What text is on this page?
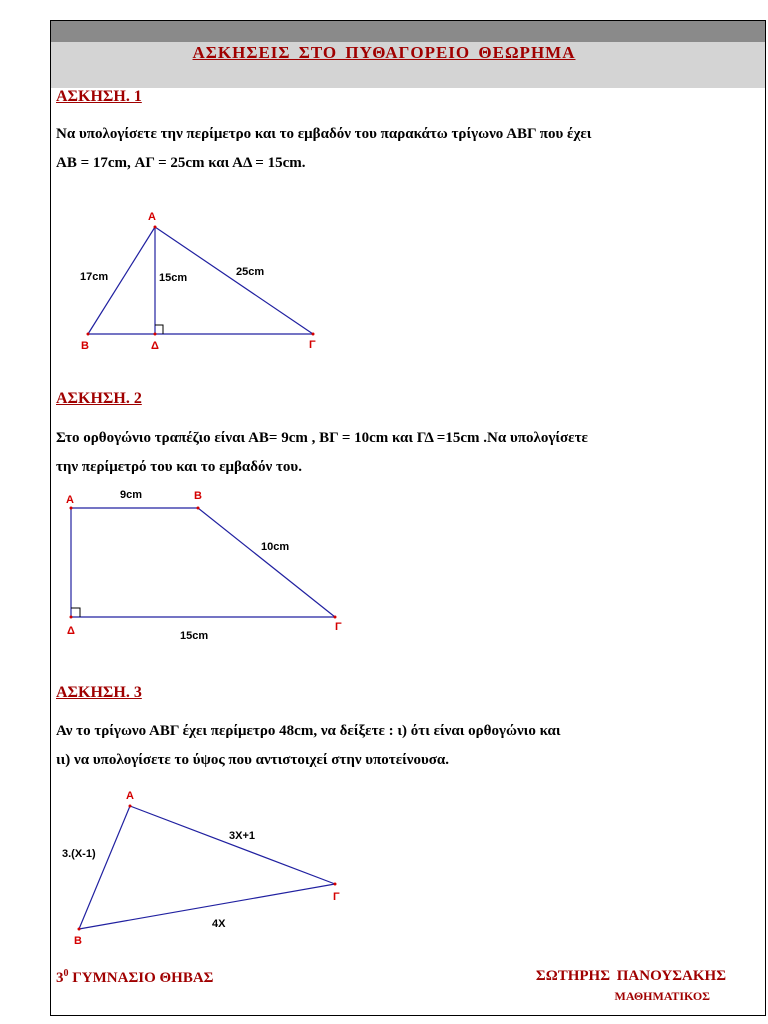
ΑΣΚΗΣΕΙΣ ΣΤΟ ΠΥΘΑΓΟΡΕΙΟ ΘΕΩΡΗΜΑ
ΑΣΚΗΣΗ. 1

Να υπολογίσετε την περίμετρο και το εμβαδόν του παρακάτω τρίγωνο ΑΒΓ που έχει

ΑΒ = 17cm, ΑΓ = 25cm και ΑΔ = 15cm.

A
B	Δ	Γ
17cm	15cm	25cm
ΑΣΚΗΣΗ. 2

Στο ορθογώνιο τραπέζιο είναι ΑΒ= 9cm , ΒΓ = 10cm και ΓΔ =15cm .Να υπολογίσετε

την περίμετρό του και το εμβαδόν του.

A	B
Γ
Δ
9cm
10cm
15cm
ΑΣΚΗΣΗ. 3

Αν το τρίγωνο ΑΒΓ έχει περίμετρο 48cm, να δείξετε : ι) ότι είναι ορθογώνιο και

ιι) να υπολογίσετε το ύψος που αντιστοιχεί στην υποτείνουσα.

A
B
Γ
3.(X-1)
3X+1
4X

$3^0$ ΓΥΜΝΑΣΙΟ ΘΗΒΑΣ	ΣΩΤΗΡΗΣ ΠΑΝΟΥΣΑΚΗΣ

ΜΑΘΗΜΑΤΙΚΟΣ
